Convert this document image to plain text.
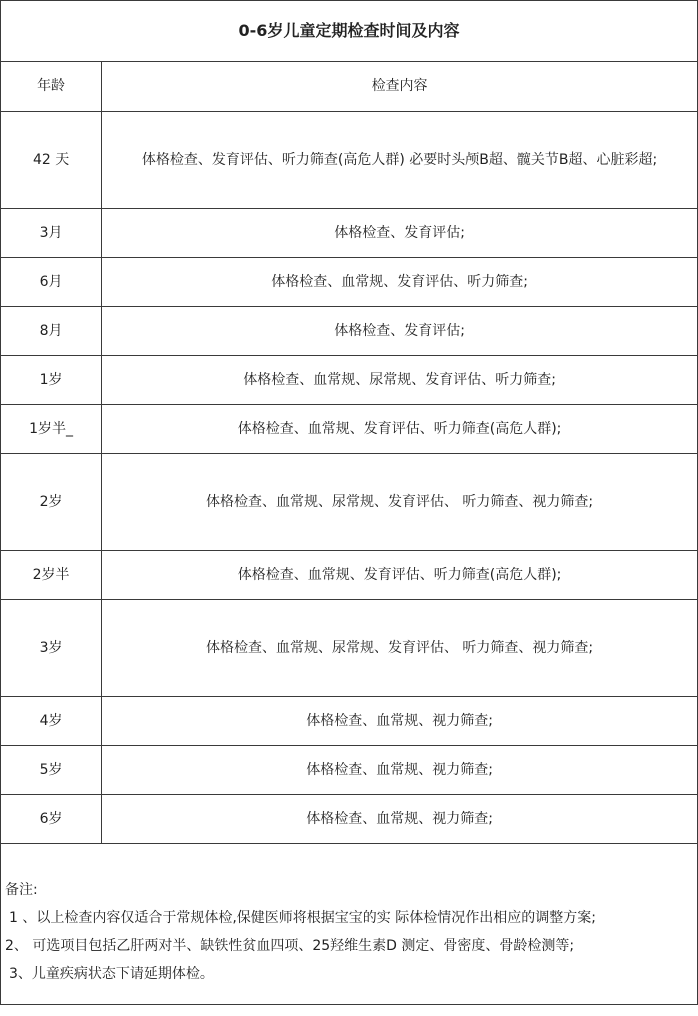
0-6岁儿童定期检查时间及内容	
年龄	检查内容
42 天	体格检查、发育评估、听力筛查(高危人群) 必要时头颅B超、髋关节B超、心脏彩超;
3月	体格检查、发育评估;
6月	体格检查、血常规、发育评估、听力筛查;
8月	体格检查、发育评估;
1岁	体格检查、血常规、尿常规、发育评估、听力筛查;
1岁半_	体格检查、血常规、发育评估、听力筛查(高危人群);
2岁	体格检查、血常规、尿常规、发育评估、 听力筛查、视力筛查;
2岁半	体格检查、血常规、发育评估、听力筛查(高危人群);
3岁	体格检查、血常规、尿常规、发育评估、 听力筛查、视力筛查;
4岁	体格检查、血常规、视力筛查;
5岁	体格检查、血常规、视力筛查;
6岁	体格检查、血常规、视力筛查;

备注:
1 、以上检查内容仅适合于常规体检,保健医师将根据宝宝的实 际体检情况作出相应的调整方案;
2、 可选项目包括乙肝两对半、缺铁性贫血四项、25羟维生素D 测定、骨密度、骨龄检测等;
3、儿童疾病状态下请延期体检。	
